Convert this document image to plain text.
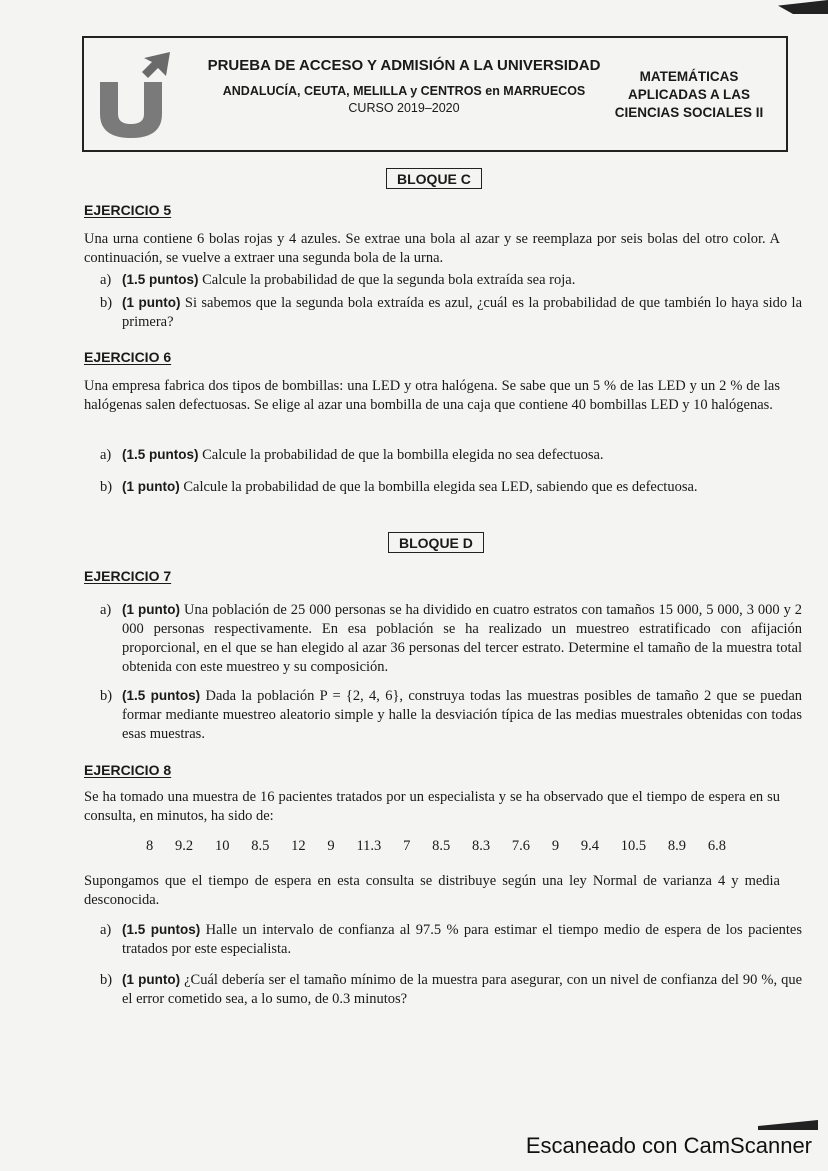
PRUEBA DE ACCESO Y ADMISIÓN A LA UNIVERSIDAD
ANDALUCÍA, CEUTA, MELILLA y CENTROS en MARRUECOS
CURSO 2019–2020
MATEMÁTICAS APLICADAS A LAS CIENCIAS SOCIALES II
BLOQUE C
EJERCICIO 5
Una urna contiene 6 bolas rojas y 4 azules. Se extrae una bola al azar y se reemplaza por seis bolas del otro color. A continuación, se vuelve a extraer una segunda bola de la urna.
a) (1.5 puntos) Calcule la probabilidad de que la segunda bola extraída sea roja.
b) (1 punto) Si sabemos que la segunda bola extraída es azul, ¿cuál es la probabilidad de que también lo haya sido la primera?
EJERCICIO 6
Una empresa fabrica dos tipos de bombillas: una LED y otra halógena. Se sabe que un 5 % de las LED y un 2 % de las halógenas salen defectuosas. Se elige al azar una bombilla de una caja que contiene 40 bombillas LED y 10 halógenas.
a) (1.5 puntos) Calcule la probabilidad de que la bombilla elegida no sea defectuosa.
b) (1 punto) Calcule la probabilidad de que la bombilla elegida sea LED, sabiendo que es defectuosa.
BLOQUE D
EJERCICIO 7
a) (1 punto) Una población de 25 000 personas se ha dividido en cuatro estratos con tamaños 15 000, 5 000, 3 000 y 2 000 personas respectivamente. En esa población se ha realizado un muestreo estratificado con afijación proporcional, en el que se han elegido al azar 36 personas del tercer estrato. Determine el tamaño de la muestra total obtenida con este muestreo y su composición.
b) (1.5 puntos) Dada la población P = {2, 4, 6}, construya todas las muestras posibles de tamaño 2 que se puedan formar mediante muestreo aleatorio simple y halle la desviación típica de las medias muestrales obtenidas con todas esas muestras.
EJERCICIO 8
Se ha tomado una muestra de 16 pacientes tratados por un especialista y se ha observado que el tiempo de espera en su consulta, en minutos, ha sido de:
8 9.2 10 8.5 12 9 11.3 7 8.5 8.3 7.6 9 9.4 10.5 8.9 6.8
Supongamos que el tiempo de espera en esta consulta se distribuye según una ley Normal de varianza 4 y media desconocida.
a) (1.5 puntos) Halle un intervalo de confianza al 97.5 % para estimar el tiempo medio de espera de los pacientes tratados por este especialista.
b) (1 punto) ¿Cuál debería ser el tamaño mínimo de la muestra para asegurar, con un nivel de confianza del 90 %, que el error cometido sea, a lo sumo, de 0.3 minutos?
Escaneado con CamScanner
